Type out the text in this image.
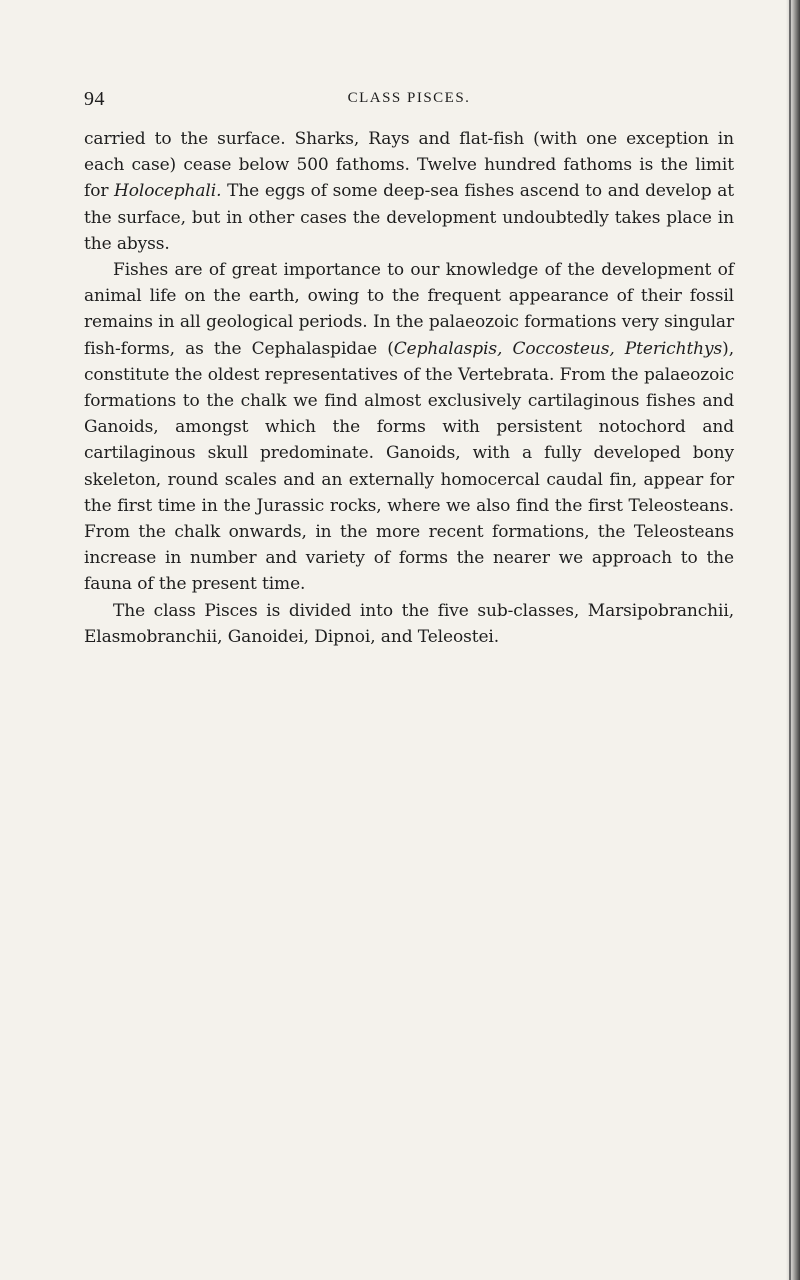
94	CLASS PISCES.

carried to the surface. Sharks, Rays and flat-fish (with one exception in each case) cease below 500 fathoms. Twelve hundred fathoms is the limit for Holocephali. The eggs of some deep-sea fishes ascend to and develop at the surface, but in other cases the development undoubtedly takes place in the abyss.

Fishes are of great importance to our knowledge of the development of animal life on the earth, owing to the frequent appearance of their fossil remains in all geological periods. In the palaeozoic formations very singular fish-forms, as the Cephalaspidae (Cephalaspis, Coccosteus, Pterichthys), constitute the oldest representatives of the Vertebrata. From the palaeozoic formations to the chalk we find almost exclusively cartilaginous fishes and Ganoids, amongst which the forms with persistent notochord and cartilaginous skull predominate. Ganoids, with a fully developed bony skeleton, round scales and an externally homocercal caudal fin, appear for the first time in the Jurassic rocks, where we also find the first Teleosteans. From the chalk onwards, in the more recent formations, the Teleosteans increase in number and variety of forms the nearer we approach to the fauna of the present time.

The class Pisces is divided into the five sub-classes, Marsipobranchii, Elasmobranchii, Ganoidei, Dipnoi, and Teleostei.
